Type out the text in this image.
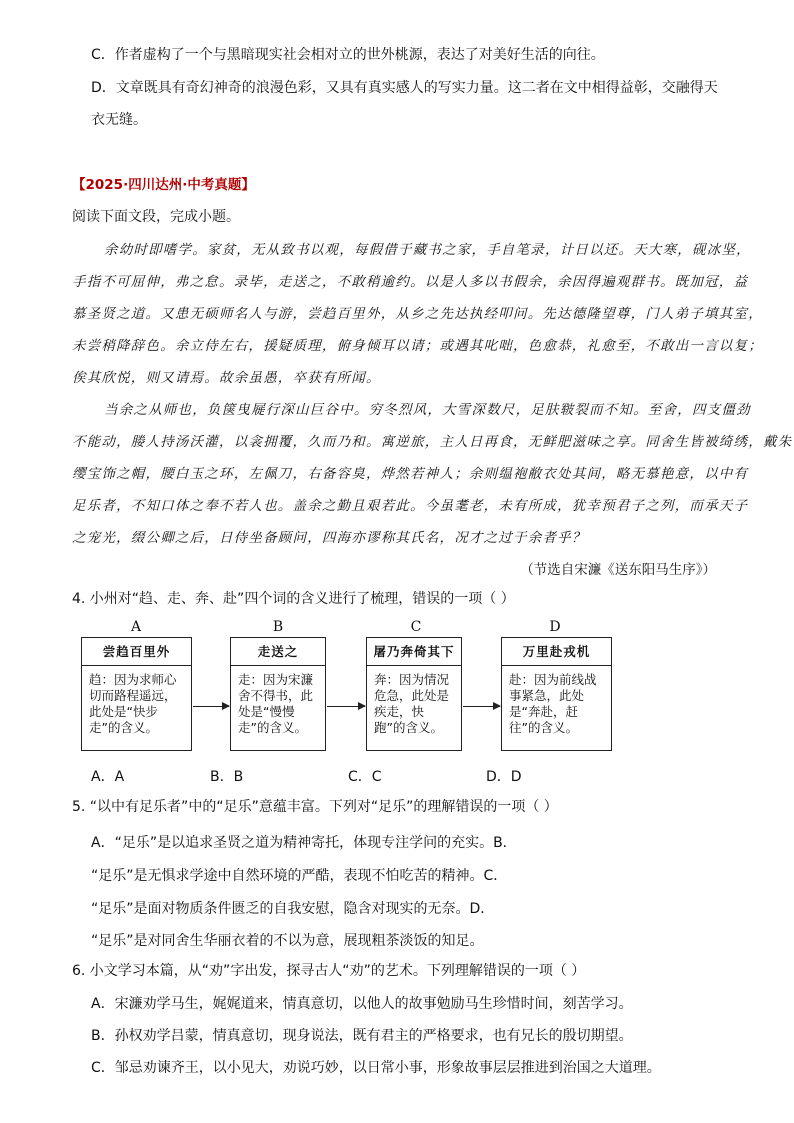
C．作者虚构了一个与黑暗现实社会相对立的世外桃源，表达了对美好生活的向往。
D．文章既具有奇幻神奇的浪漫色彩，又具有真实感人的写实力量。这二者在文中相得益彰，交融得天
衣无缝。
【2025·四川达州·中考真题】
阅读下面文段，完成小题。
余幼时即嗜学。家贫，无从致书以观，每假借于藏书之家，手自笔录，计日以还。天大寒，砚冰坚，
手指不可屈伸，弗之怠。录毕，走送之，不敢稍逾约。以是人多以书假余，余因得遍观群书。既加冠，益
慕圣贤之道。又患无硕师名人与游，尝趋百里外，从乡之先达执经叩问。先达德隆望尊，门人弟子填其室，
未尝稍降辞色。余立侍左右，援疑质理，俯身倾耳以请；或遇其叱咄，色愈恭，礼愈至，不敢出一言以复；
俟其欣悦，则又请焉。故余虽愚，卒获有所闻。
当余之从师也，负箧曳屣行深山巨谷中。穷冬烈风，大雪深数尺，足肤皲裂而不知。至舍，四支僵劲
不能动，媵人持汤沃灌，以衾拥覆，久而乃和。寓逆旅，主人日再食，无鲜肥滋味之享。同舍生皆被绮绣，戴朱
缨宝饰之帽，腰白玉之环，左佩刀，右备容臭，烨然若神人；余则缊袍敝衣处其间，略无慕艳意，以中有
足乐者，不知口体之奉不若人也。盖余之勤且艰若此。今虽耄老，未有所成，犹幸预君子之列，而承天子
之宠光，缀公卿之后，日侍坐备顾问，四海亦谬称其氏名，况才之过于余者乎？
（节选自宋濂《送东阳马生序》）
4. 小州对“趋、走、奔、赴”四个词的含义进行了梳理，错误的一项（ ）
A	B	C	D
尝趋百里外
趋：因为求师心切而路程遥远，此处是“快步走”的含义。
走送之
走：因为宋濂舍不得书，此处是“慢慢走”的含义。
屠乃奔倚其下
奔：因为情况危急，此处是疾走，快跑”的含义。
万里赴戎机
赴：因为前线战事紧急，此处是“奔赴，赶往”的含义。
A．A	B．B	C．C	D．D
5. “以中有足乐者”中的“足乐”意蕴丰富。下列对“足乐”的理解错误的一项（ ）
A．“足乐”是以追求圣贤之道为精神寄托，体现专注学问的充实。B．
“足乐”是无惧求学途中自然环境的严酷，表现不怕吃苦的精神。C．
“足乐”是面对物质条件匮乏的自我安慰，隐含对现实的无奈。D．
“足乐”是对同舍生华丽衣着的不以为意，展现粗茶淡饭的知足。
6. 小文学习本篇，从“劝”字出发，探寻古人“劝”的艺术。下列理解错误的一项（ ）
A．宋濂劝学马生，娓娓道来，情真意切，以他人的故事勉励马生珍惜时间，刻苦学习。
B．孙权劝学吕蒙，情真意切，现身说法，既有君主的严格要求，也有兄长的殷切期望。
C．邹忌劝谏齐王，以小见大，劝说巧妙，以日常小事，形象故事层层推进到治国之大道理。
